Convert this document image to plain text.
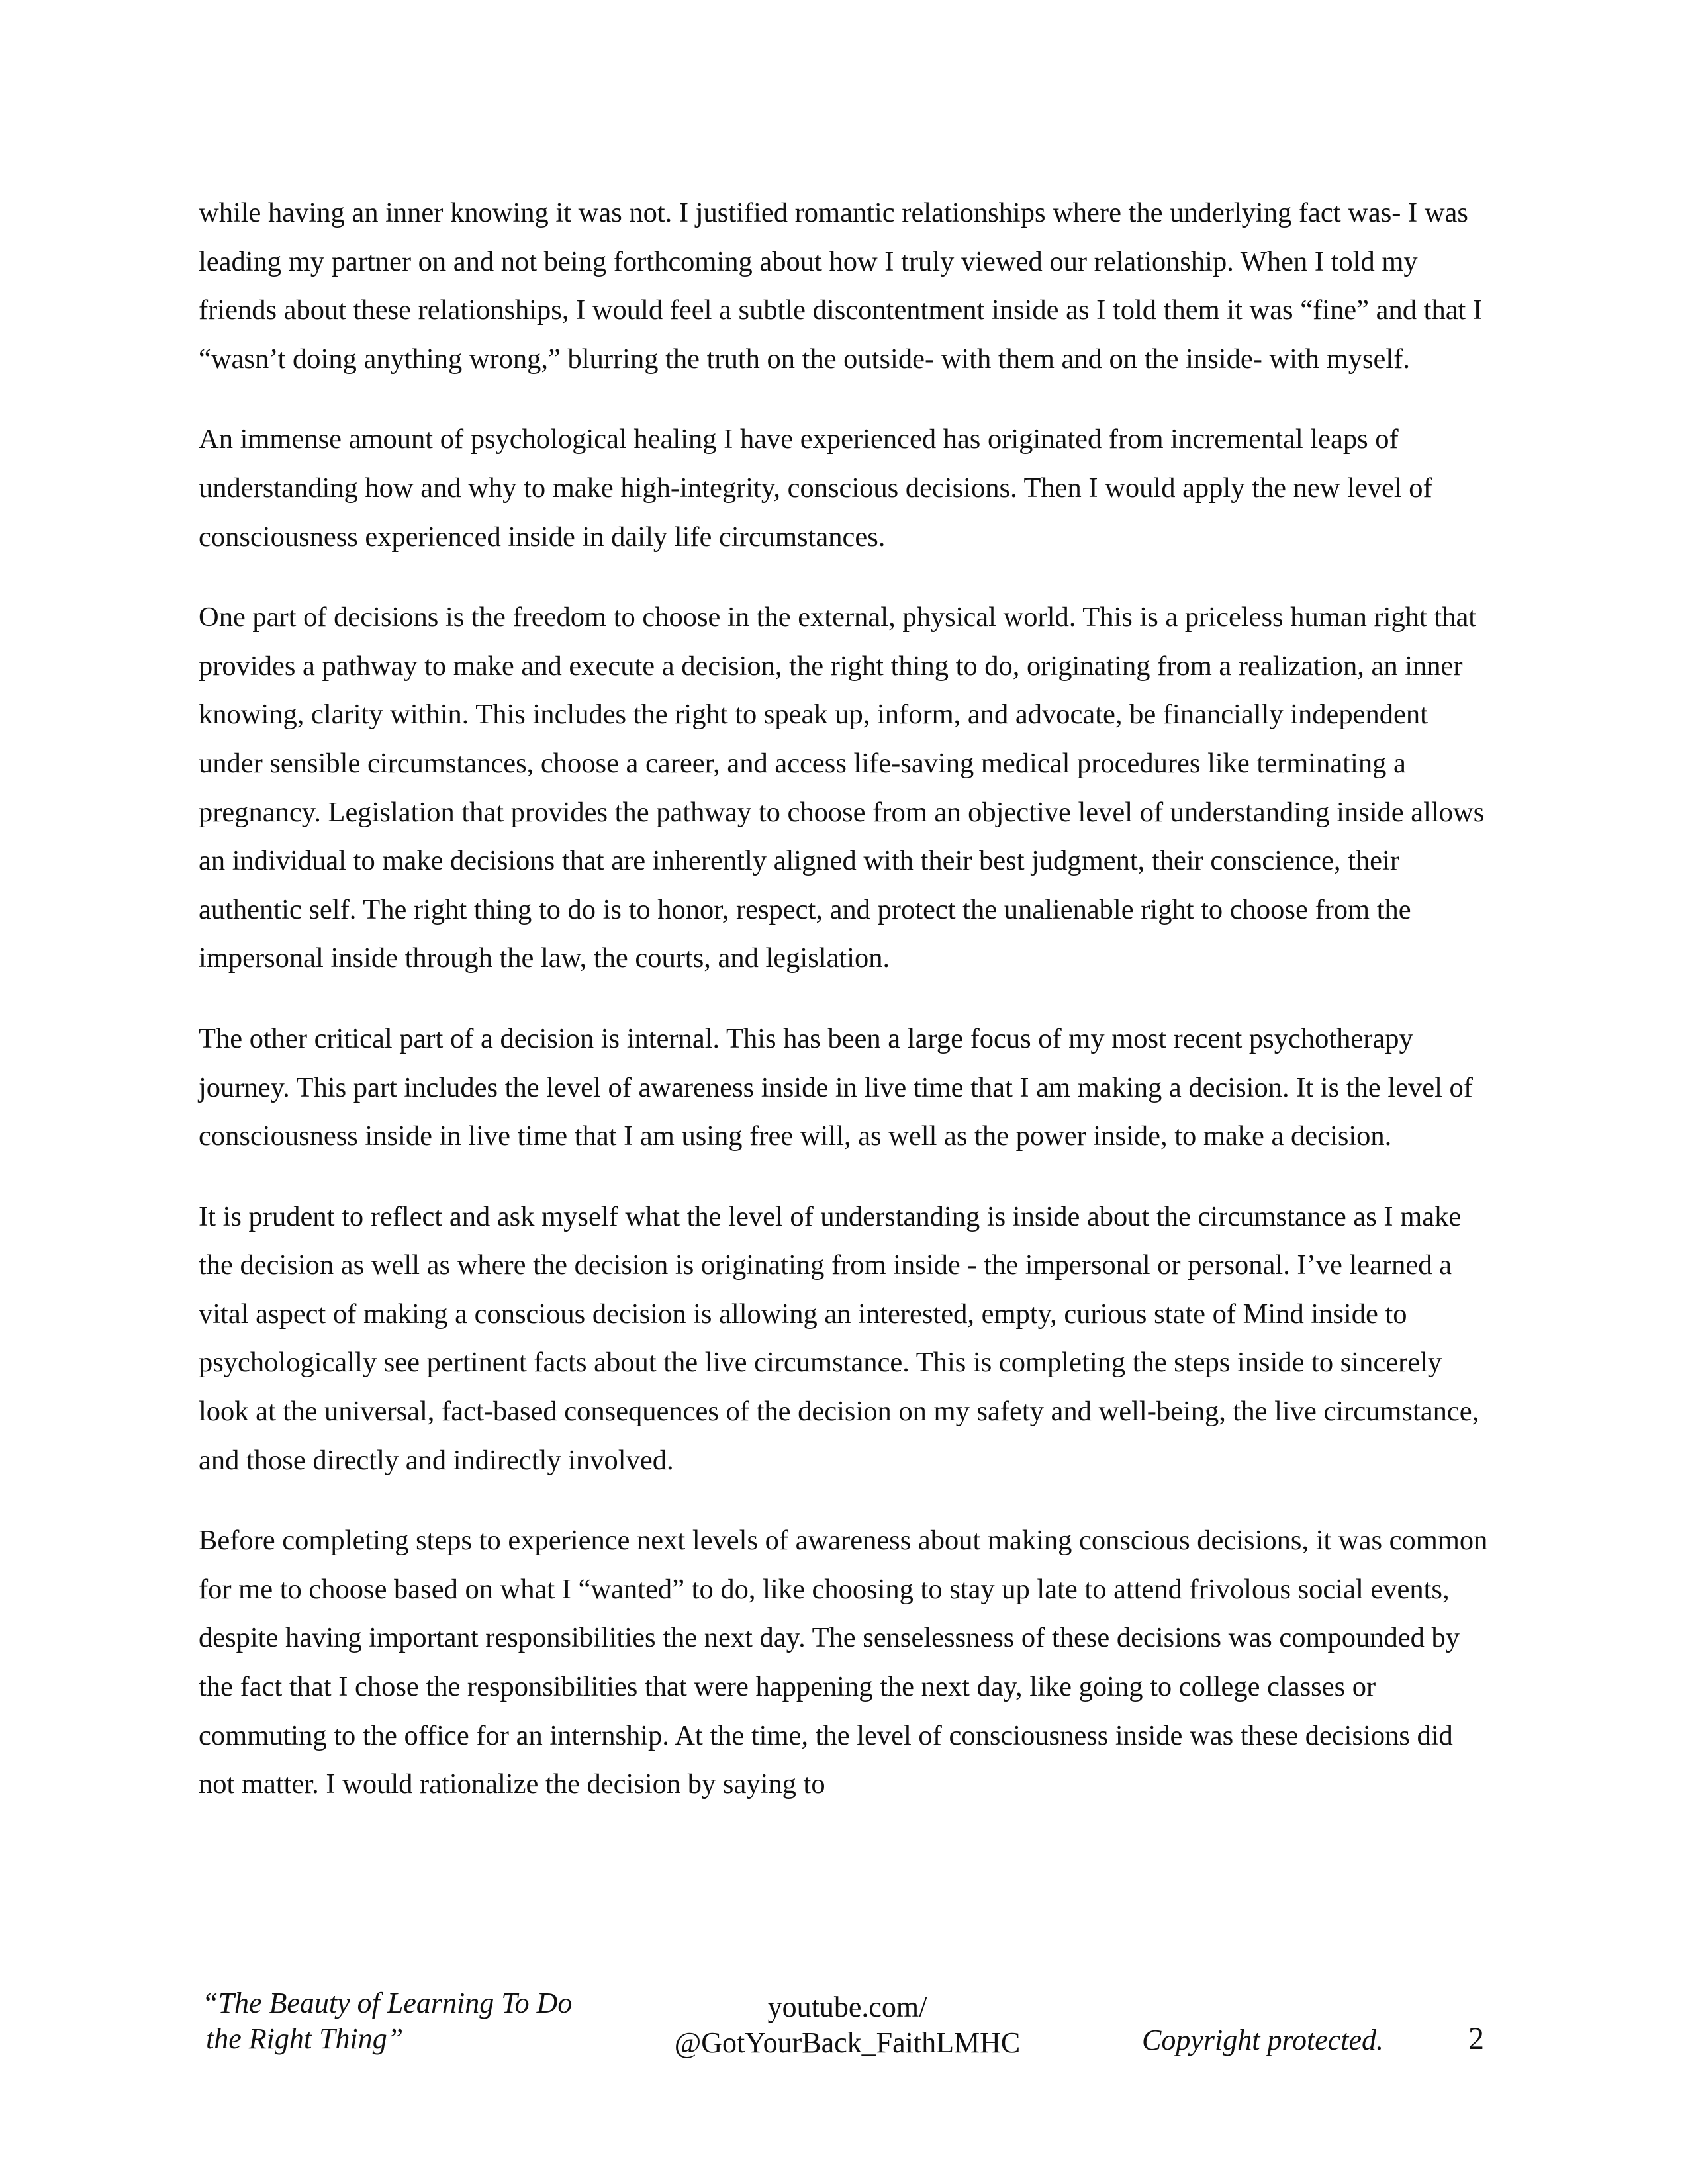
while having an inner knowing it was not. I justified romantic relationships where the underlying fact was- I was leading my partner on and not being forthcoming about how I truly viewed our relationship. When I told my friends about these relationships, I would feel a subtle discontentment inside as I told them it was “fine” and that I “wasn’t doing anything wrong,” blurring the truth on the outside- with them and on the inside- with myself.

An immense amount of psychological healing I have experienced has originated from incremental leaps of understanding how and why to make high-integrity, conscious decisions. Then I would apply the new level of consciousness experienced inside in daily life circumstances.

One part of decisions is the freedom to choose in the external, physical world. This is a priceless human right that provides a pathway to make and execute a decision, the right thing to do, originating from a realization, an inner knowing, clarity within. This includes the right to speak up, inform, and advocate, be financially independent under sensible circumstances, choose a career, and access life-saving medical procedures like terminating a pregnancy. Legislation that provides the pathway to choose from an objective level of understanding inside allows an individual to make decisions that are inherently aligned with their best judgment, their conscience, their authentic self. The right thing to do is to honor, respect, and protect the unalienable right to choose from the impersonal inside through the law, the courts, and legislation.

The other critical part of a decision is internal. This has been a large focus of my most recent psychotherapy journey. This part includes the level of awareness inside in live time that I am making a decision. It is the level of consciousness inside in live time that I am using free will, as well as the power inside, to make a decision.

It is prudent to reflect and ask myself what the level of understanding is inside about the circumstance as I make the decision as well as where the decision is originating from inside - the impersonal or personal. I’ve learned a vital aspect of making a conscious decision is allowing an interested, empty, curious state of Mind inside to psychologically see pertinent facts about the live circumstance. This is completing the steps inside to sincerely look at the universal, fact-based consequences of the decision on my safety and well-being, the live circumstance, and those directly and indirectly involved.

Before completing steps to experience next levels of awareness about making conscious decisions, it was common for me to choose based on what I “wanted” to do, like choosing to stay up late to attend frivolous social events, despite having important responsibilities the next day. The senselessness of these decisions was compounded by the fact that I chose the responsibilities that were happening the next day, like going to college classes or commuting to the office for an internship. At the time, the level of consciousness inside was these decisions did not matter. I would rationalize the decision by saying to

“The Beauty of Learning To Do
the Right Thing”
youtube.com/
@GotYourBack_FaithLMHC	Copyright protected.	2
